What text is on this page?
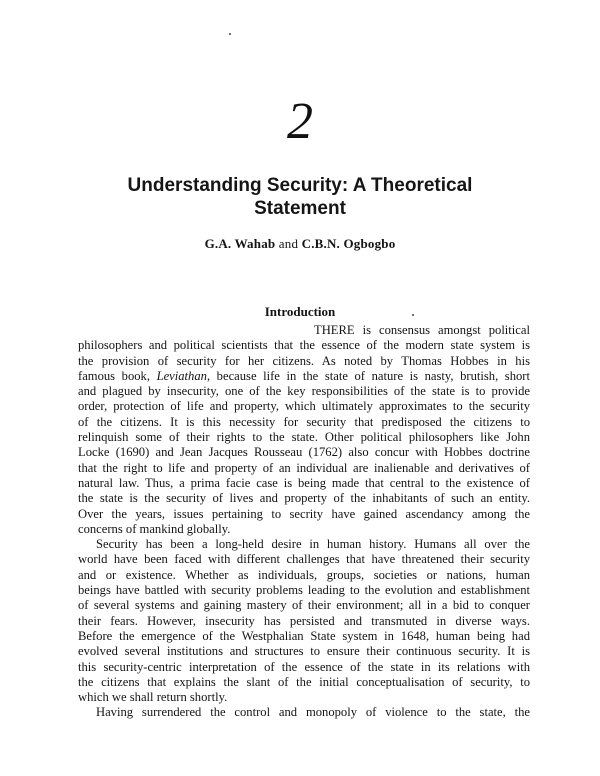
2
Understanding Security: A Theoretical
Statement
G.A. Wahab and C.B.N. Ogbogbo
Introduction
THERE is consensus amongst political
philosophers and political scientists that the essence of the modern state system is
the provision of security for her citizens. As noted by Thomas Hobbes in his
famous book, Leviathan, because life in the state of nature is nasty, brutish, short
and plagued by insecurity, one of the key responsibilities of the state is to provide
order, protection of life and property, which ultimately approximates to the security
of the citizens. It is this necessity for security that predisposed the citizens to
relinquish some of their rights to the state. Other political philosophers like John
Locke (1690) and Jean Jacques Rousseau (1762) also concur with Hobbes doctrine
that the right to life and property of an individual are inalienable and derivatives of
natural law. Thus, a prima facie case is being made that central to the existence of
the state is the security of lives and property of the inhabitants of such an entity.
Over the years, issues pertaining to secrity have gained ascendancy among the
concerns of mankind globally.
Security has been a long-held desire in human history. Humans all over the
world have been faced with different challenges that have threatened their security
and or existence. Whether as individuals, groups, societies or nations, human
beings have battled with security problems leading to the evolution and establishment
of several systems and gaining mastery of their environment; all in a bid to conquer
their fears. However, insecurity has persisted and transmuted in diverse ways.
Before the emergence of the Westphalian State system in 1648, human being had
evolved several institutions and structures to ensure their continuous security. It is
this security-centric interpretation of the essence of the state in its relations with
the citizens that explains the slant of the initial conceptualisation of security, to
which we shall return shortly.
Having surrendered the control and monopoly of violence to the state, the
